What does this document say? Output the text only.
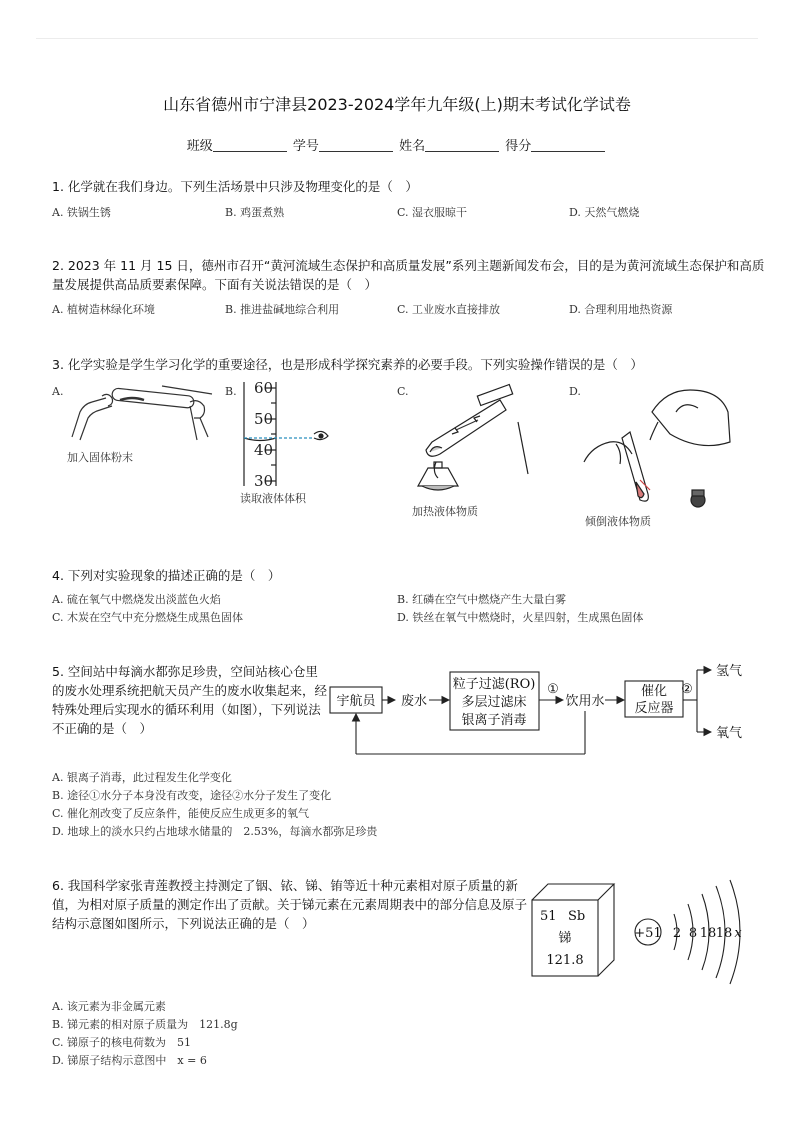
山东省德州市宁津县2023-2024学年九年级(上)期末考试化学试卷
班级	学号	姓名	得分
1. 化学就在我们身边。下列生活场景中只涉及物理变化的是（　）
A. 铁锅生锈	B. 鸡蛋煮熟	C. 湿衣服晾干	D. 天然气燃烧
2. 2023 年 11 月 15 日，德州市召开“黄河流域生态保护和高质量发展”系列主题新闻发布会，目的是为黄河流域生态保护和高质
量发展提供高品质要素保障。下面有关说法错误的是（　）
A. 植树造林绿化环境	B. 推进盐碱地综合利用	C. 工业废水直接排放	D. 合理利用地热资源
3. 化学实验是学生学习化学的重要途径，也是形成科学探究素养的必要手段。下列实验操作错误的是（　）
A.
加入固体粉末
B. 60
50
40
30
读取液体体积
C.
加热液体物质
D.
倾倒液体物质
4. 下列对实验现象的描述正确的是（　）
A. 硫在氧气中燃烧发出淡蓝色火焰	B. 红磷在空气中燃烧产生大量白雾
C. 木炭在空气中充分燃烧生成黑色固体	D. 铁丝在氧气中燃烧时，火星四射，生成黑色固体
5. 空间站中每滴水都弥足珍贵，空间站核心仓里
的废水处理系统把航天员产生的废水收集起来，经
特殊处理后实现水的循环利用（如图），下列说法
不正确的是（　）
宇航员 废水
粒子过滤(RO)
多层过滤床
银离子消毒
①
饮用水
催化
反应器
②
氢气
氧气
A. 银离子消毒，此过程发生化学变化
B. 途径①水分子本身没有改变，途径②水分子发生了变化
C. 催化剂改变了反应条件，能使反应生成更多的氧气
D. 地球上的淡水只约占地球水储量的　2.53%，每滴水都弥足珍贵
6. 我国科学家张青莲教授主持测定了铟、铱、锑、铕等近十种元素相对原子质量的新
值，为相对原子质量的测定作出了贡献。关于锑元素在元素周期表中的部分信息及原子
结构示意图如图所示，下列说法正确的是（　）	51 Sb
锑
121.8
+51 2 8 18 18 x
A. 该元素为非金属元素
B. 锑元素的相对原子质量为　121.8g
C. 锑原子的核电荷数为　51
D. 锑原子结构示意图中　x = 6
